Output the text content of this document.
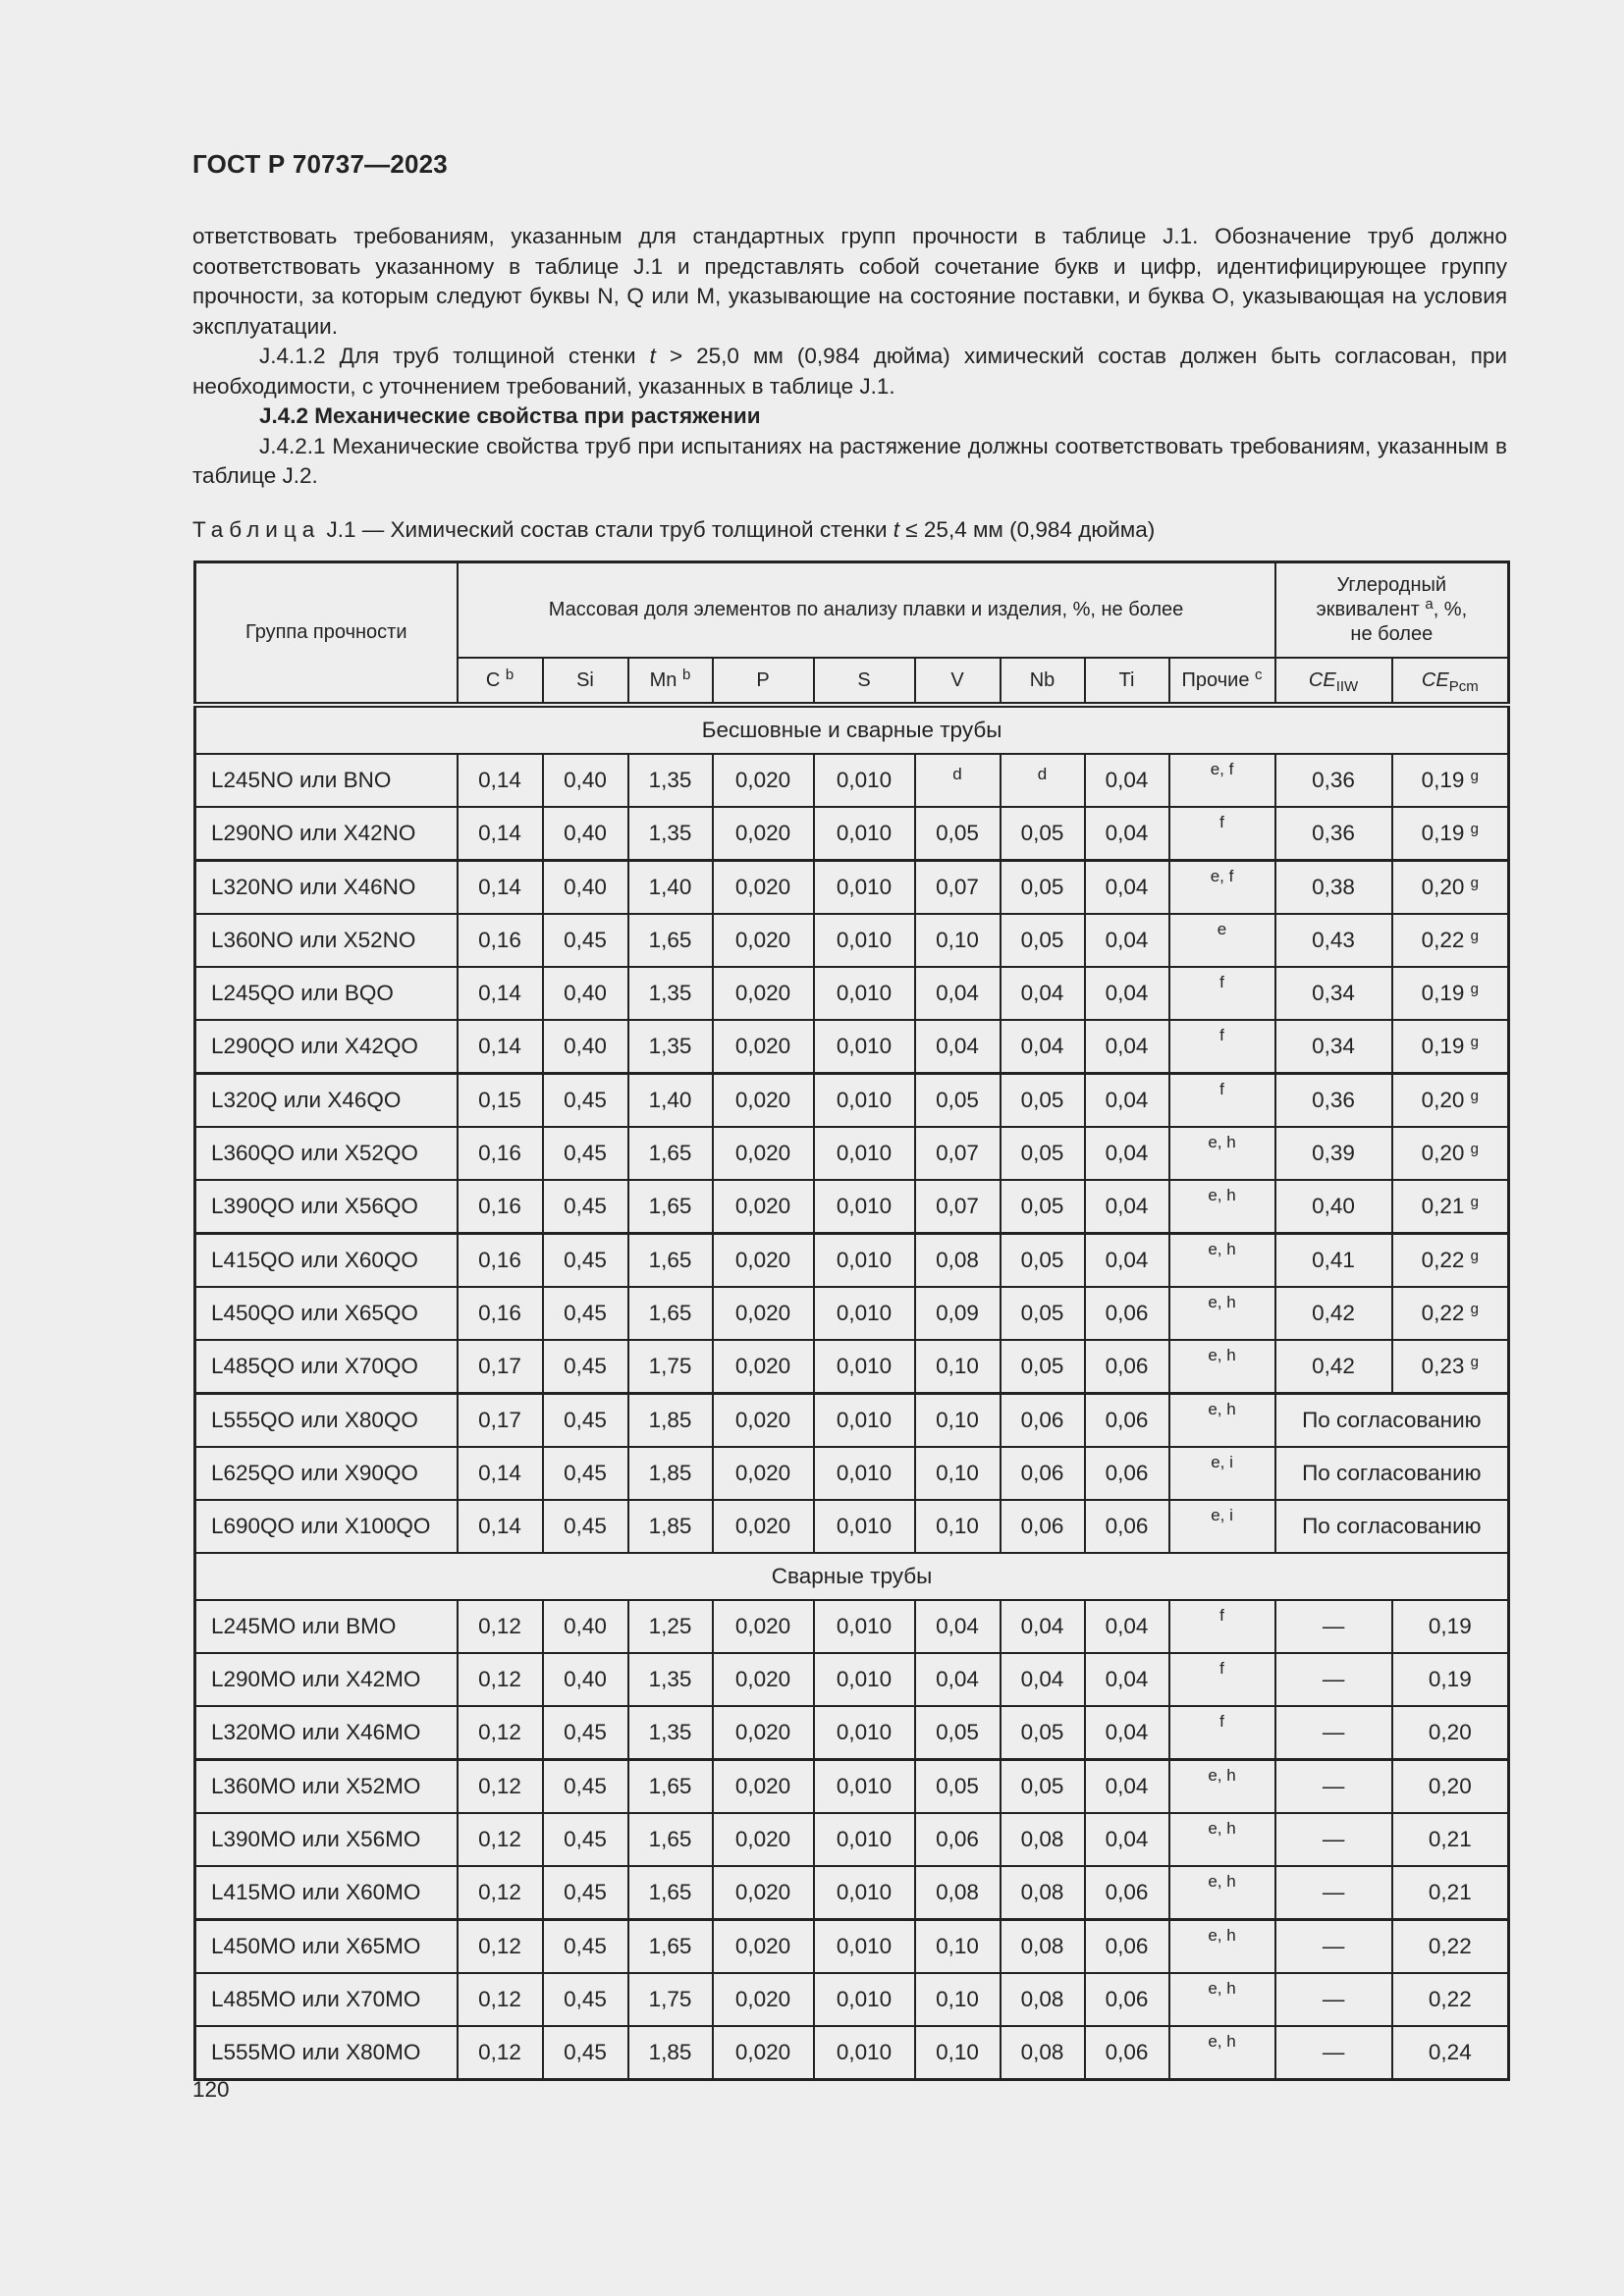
ГОСТ Р 70737—2023

ответствовать требованиям, указанным для стандартных групп прочности в таблице J.1. Обозначение труб должно соответствовать указанному в таблице J.1 и представлять собой сочетание букв и цифр, идентифицирующее группу прочности, за которым следуют буквы N, Q или M, указывающие на состояние поставки, и буква O, указывающая на условия эксплуатации.

J.4.1.2 Для труб толщиной стенки t > 25,0 мм (0,984 дюйма) химический состав должен быть согласован, при необходимости, с уточнением требований, указанных в таблице J.1.

J.4.2 Механические свойства при растяжении

J.4.2.1 Механические свойства труб при испытаниях на растяжение должны соответствовать требованиям, указанным в таблице J.2.

Таблица J.1 — Химический состав стали труб толщиной стенки t ≤ 25,4 мм (0,984 дюйма)
Группа прочности	Массовая доля элементов по анализу плавки и изделия, %, не более									Углеродный
эквивалент $^a$, %,
не более	
	C $^b$	Si	Mn $^b$	P	S	V	Nb	Ti	Прочие $^c$	$CE_{IIW}$	$CE_{Pcm}$
Бесшовные и сварные трубы											
L245NO или BNO	0,14	0,40	1,35	0,020	0,010	d	d	0,04	e, f	0,36	0,19 $^g$
L290NO или X42NO	0,14	0,40	1,35	0,020	0,010	0,05	0,05	0,04	f	0,36	0,19 $^g$
L320NO или X46NO	0,14	0,40	1,40	0,020	0,010	0,07	0,05	0,04	e, f	0,38	0,20 $^g$
L360NO или X52NO	0,16	0,45	1,65	0,020	0,010	0,10	0,05	0,04	e	0,43	0,22 $^g$
L245QO или BQO	0,14	0,40	1,35	0,020	0,010	0,04	0,04	0,04	f	0,34	0,19 $^g$
L290QO или X42QO	0,14	0,40	1,35	0,020	0,010	0,04	0,04	0,04	f	0,34	0,19 $^g$
L320Q или X46QO	0,15	0,45	1,40	0,020	0,010	0,05	0,05	0,04	f	0,36	0,20 $^g$
L360QO или X52QO	0,16	0,45	1,65	0,020	0,010	0,07	0,05	0,04	e, h	0,39	0,20 $^g$
L390QO или X56QO	0,16	0,45	1,65	0,020	0,010	0,07	0,05	0,04	e, h	0,40	0,21 $^g$
L415QO или X60QO	0,16	0,45	1,65	0,020	0,010	0,08	0,05	0,04	e, h	0,41	0,22 $^g$
L450QO или X65QO	0,16	0,45	1,65	0,020	0,010	0,09	0,05	0,06	e, h	0,42	0,22 $^g$
L485QO или X70QO	0,17	0,45	1,75	0,020	0,010	0,10	0,05	0,06	e, h	0,42	0,23 $^g$
L555QO или X80QO	0,17	0,45	1,85	0,020	0,010	0,10	0,06	0,06	e, h	По согласованию	
L625QO или X90QO	0,14	0,45	1,85	0,020	0,010	0,10	0,06	0,06	e, i	По согласованию	
L690QO или X100QO	0,14	0,45	1,85	0,020	0,010	0,10	0,06	0,06	e, i	По согласованию	
Сварные трубы											
L245MO или BMO	0,12	0,40	1,25	0,020	0,010	0,04	0,04	0,04	f	—	0,19
L290MO или X42MO	0,12	0,40	1,35	0,020	0,010	0,04	0,04	0,04	f	—	0,19
L320MO или X46MO	0,12	0,45	1,35	0,020	0,010	0,05	0,05	0,04	f	—	0,20
L360MO или X52MO	0,12	0,45	1,65	0,020	0,010	0,05	0,05	0,04	e, h	—	0,20
L390MO или X56MO	0,12	0,45	1,65	0,020	0,010	0,06	0,08	0,04	e, h	—	0,21
L415MO или X60MO	0,12	0,45	1,65	0,020	0,010	0,08	0,08	0,06	e, h	—	0,21
L450MO или X65MO	0,12	0,45	1,65	0,020	0,010	0,10	0,08	0,06	e, h	—	0,22
L485MO или X70MO	0,12	0,45	1,75	0,020	0,010	0,10	0,08	0,06	e, h	—	0,22
L555MO или X80MO	0,12	0,45	1,85	0,020	0,010	0,10	0,08	0,06	e, h	—	0,24
120
